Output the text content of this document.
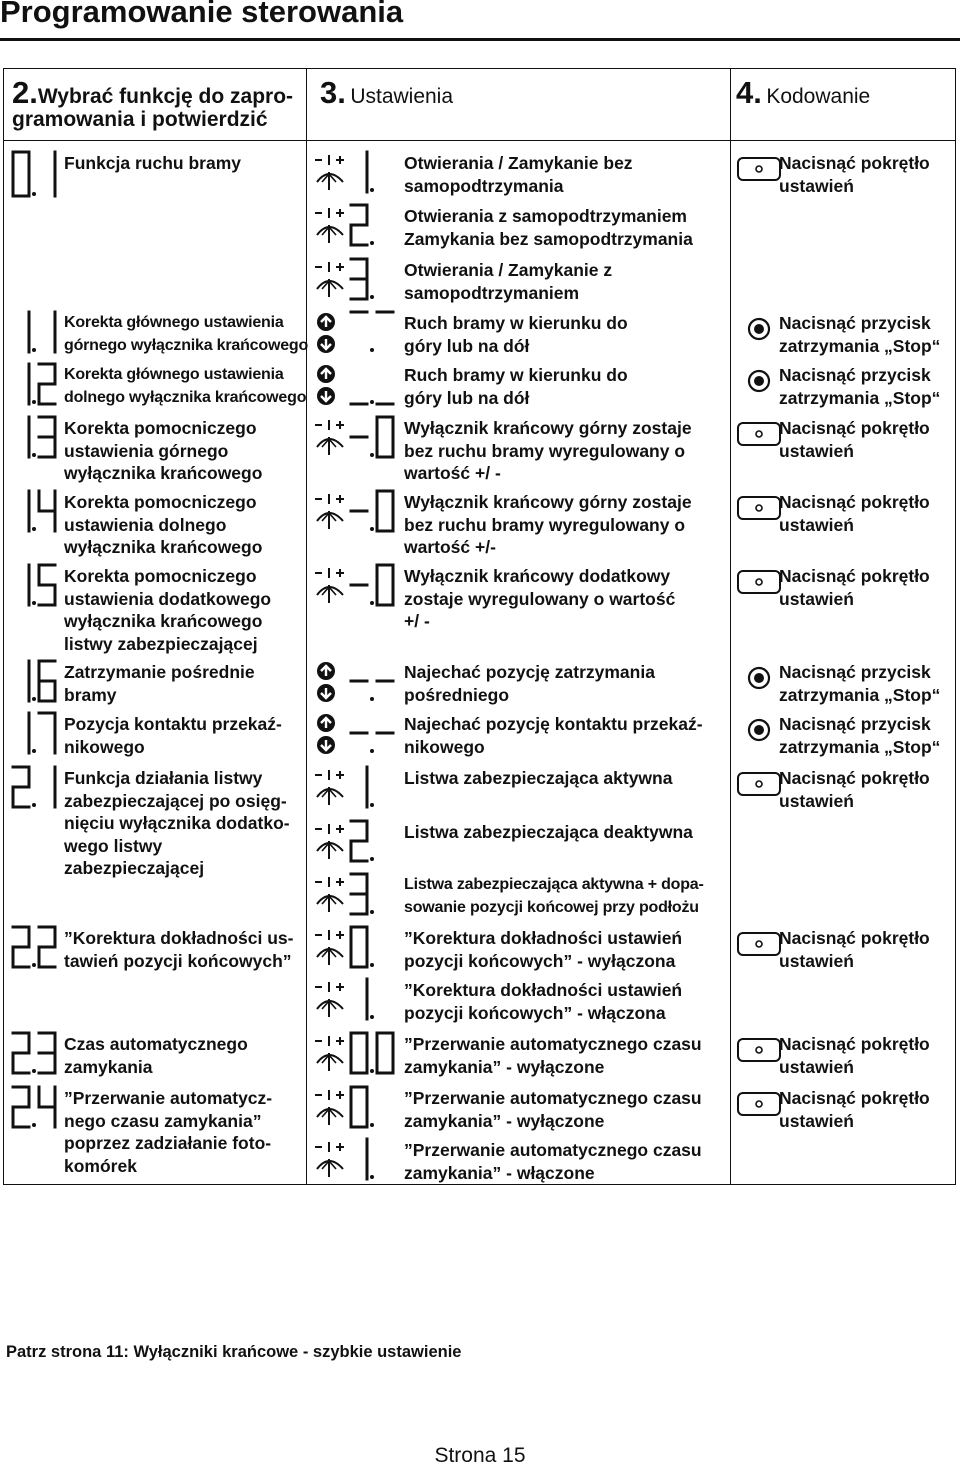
Programowanie sterowania
2.Wybrać funkcję do zapro-
gramowania i potwierdzić
3. Ustawienia	4. Kodowanie
Funkcja ruchu bramy	Otwierania / Zamykanie bez
samopodtrzymania
Otwierania z samopodtrzymaniem
Zamykania bez samopodtrzymania
Otwierania / Zamykanie z
samopodtrzymaniem
Nacisnąć pokrętło
ustawień
Korekta głównego ustawienia
górnego wyłącznika krańcowego
Ruch bramy w kierunku do
góry lub na dół
Nacisnąć przycisk
zatrzymania „Stop“
Korekta głównego ustawienia
dolnego wyłącznika krańcowego
Ruch bramy w kierunku do
góry lub na dół
Nacisnąć przycisk
zatrzymania „Stop“
Korekta pomocniczego
ustawienia górnego
wyłącznika krańcowego
Wyłącznik krańcowy górny zostaje
bez ruchu bramy wyregulowany o
wartość +/ -
Nacisnąć pokrętło
ustawień
Korekta pomocniczego
ustawienia dolnego
wyłącznika krańcowego
Wyłącznik krańcowy górny zostaje
bez ruchu bramy wyregulowany o
wartość +/-
Nacisnąć pokrętło
ustawień
Korekta pomocniczego
ustawienia dodatkowego
wyłącznika krańcowego
listwy zabezpieczającej
Wyłącznik krańcowy dodatkowy
zostaje wyregulowany o wartość
+/ -
Nacisnąć pokrętło
ustawień
Zatrzymanie pośrednie
bramy
Najechać pozycję zatrzymania
pośredniego
Nacisnąć przycisk
zatrzymania „Stop“
Pozycja kontaktu przekaź-
nikowego
Najechać pozycję kontaktu przekaź-
nikowego
Nacisnąć przycisk
zatrzymania „Stop“
Funkcja działania listwy
zabezpieczającej po osięg-
nięciu wyłącznika dodatko-
wego listwy
zabezpieczającej
Listwa zabezpieczająca aktywna
Listwa zabezpieczająca deaktywna
Listwa zabezpieczająca aktywna + dopa-
sowanie pozycji końcowej przy podłożu
Nacisnąć pokrętło
ustawień
”Korektura dokładności us-
tawień pozycji końcowych”
”Korektura dokładności ustawień
pozycji końcowych” - wyłączona
”Korektura dokładności ustawień
pozycji końcowych” - włączona
Nacisnąć pokrętło
ustawień
Czas automatycznego
zamykania
”Przerwanie automatycznego czasu
zamykania” - wyłączone
Nacisnąć pokrętło
ustawień
”Przerwanie automatycz-
nego czasu zamykania”
poprzez zadziałanie foto-
komórek
”Przerwanie automatycznego czasu
zamykania” - wyłączone
”Przerwanie automatycznego czasu
zamykania” - włączone
Nacisnąć pokrętło
ustawień
Patrz strona 11: Wyłączniki krańcowe - szybkie ustawienie
Strona 15
